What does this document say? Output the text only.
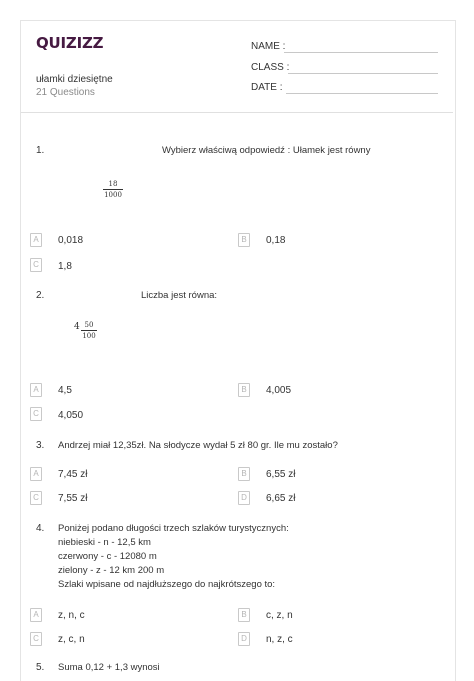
QUIZIZZ
ułamki dziesiętne
21 Questions
NAME :
CLASS :
DATE :
1.	Wybierz właściwą odpowiedź : Ułamek jest równy
18
1000
A	0,018	B	0,18
C	1,8
2.	Liczba jest równa:
4 50
100
A	4,5	B	4,005
C	4,050
3. Andrzej miał 12,35zł. Na słodycze wydał 5 zł 80 gr. Ile mu zostało?
A	7,45 zł	B	6,55 zł
C	7,55 zł	D	6,65 zł
4. Poniżej podano długości trzech szlaków turystycznych:
niebieski - n - 12,5 km
czerwony - c - 12080 m
zielony - z - 12 km 200 m
Szlaki wpisane od najdłuższego do najkrótszego to:
A	z, n, c	B	c, z, n
C	z, c, n	D	n, z, c
5. Suma 0,12 + 1,3 wynosi
